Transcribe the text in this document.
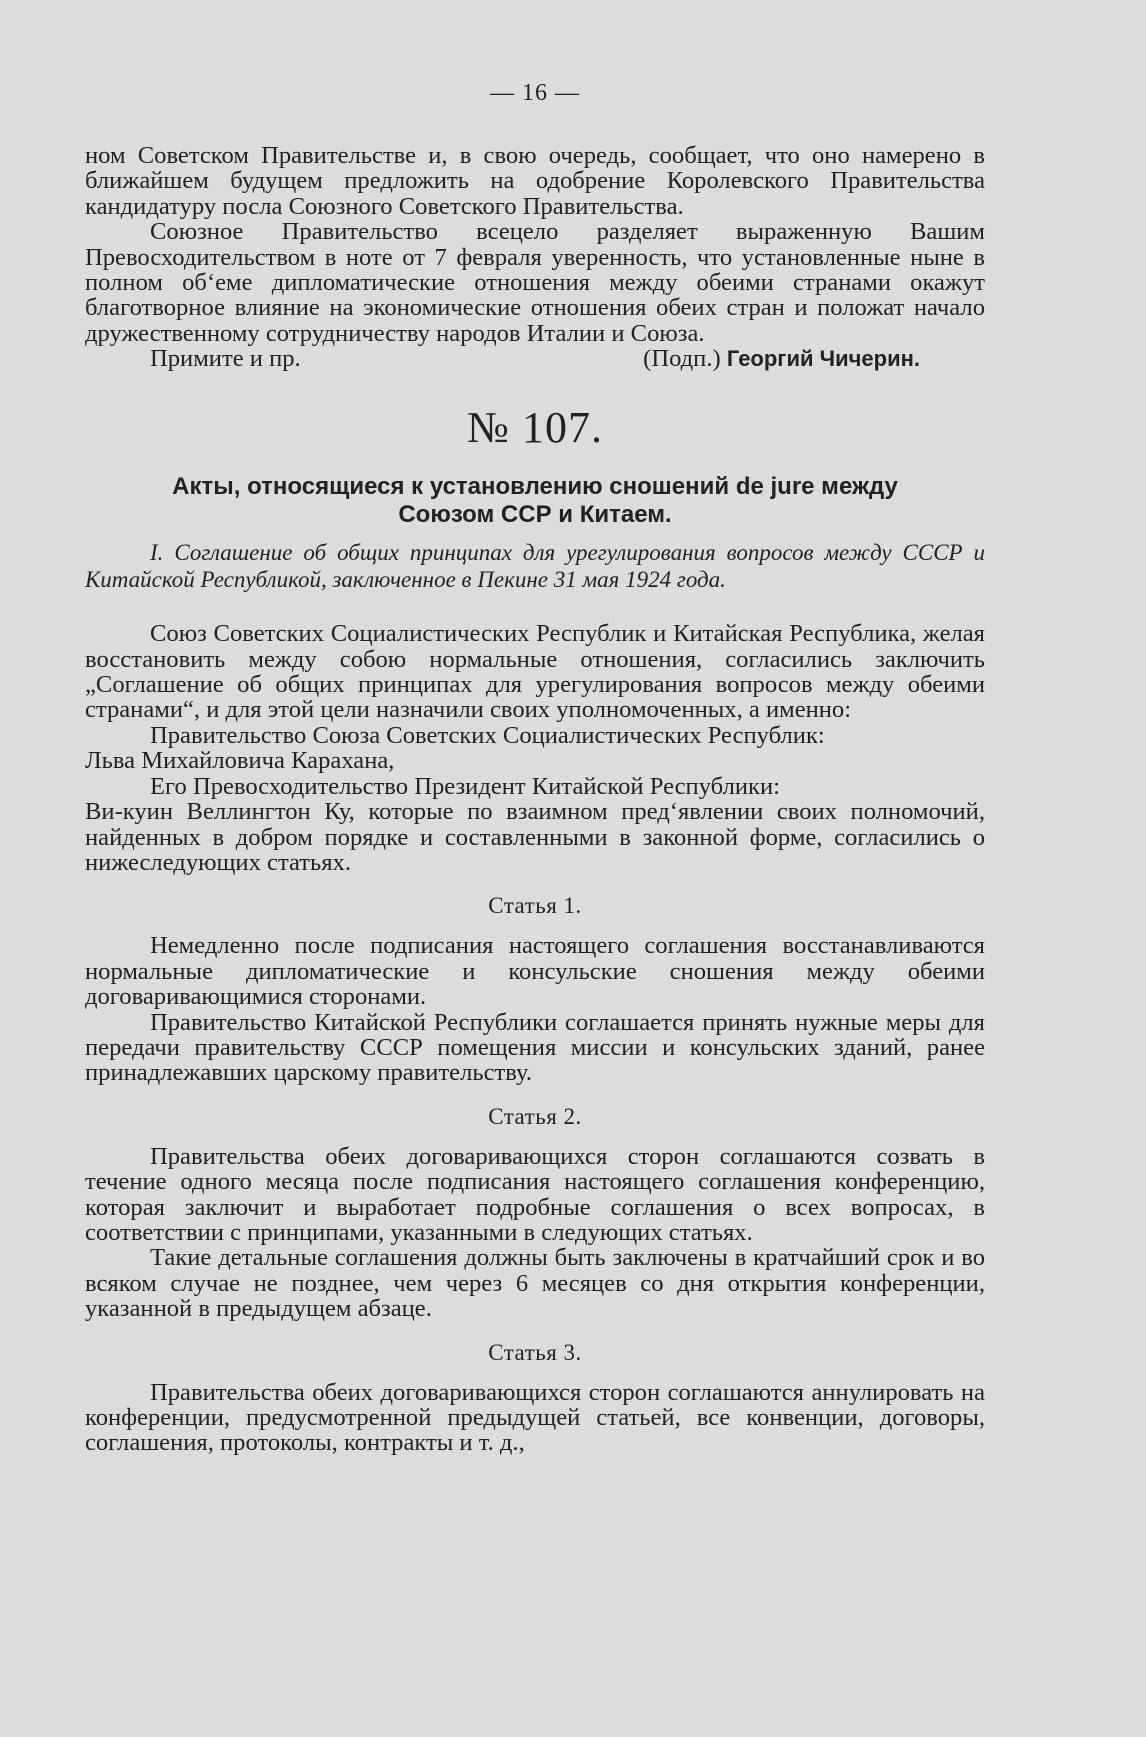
— 16 —

ном Советском Правительстве и, в свою очередь, сообщает, что оно намерено в ближайшем будущем предложить на одобрение Королевского Правительства кандидатуру посла Союзного Советского Правительства.

Союзное Правительство всецело разделяет выраженную Вашим Превосходительством в ноте от 7 февраля уверенность, что установленные ныне в полном об‘еме дипломатические отношения между обеими странами окажут благотворное влияние на экономические отношения обеих стран и положат начало дружественному сотрудничеству народов Италии и Союза.

Примите и пр.	(Подп.) Георгий Чичерин.
№ 107.
Акты, относящиеся к установлению сношений de jure между
Союзом ССР и Китаем.
I. Соглашение об общих принципах для урегулирования вопросов между СССР и Китайской Республикой, заключенное в Пекине 31 мая 1924 года.

Союз Советских Социалистических Республик и Китайская Республика, желая восстановить между собою нормальные отношения, согласились заключить „Соглашение об общих принципах для урегулирования вопросов между обеими странами“, и для этой цели назначили своих уполномоченных, а именно:

Правительство Союза Советских Социалистических Республик:

Льва Михайловича Карахана,

Его Превосходительство Президент Китайской Республики:

Ви-куин Веллингтон Ку, которые по взаимном пред‘явлении своих полномочий, найденных в добром порядке и составленными в законной форме, согласились о нижеследующих статьях.

Статья 1.

Немедленно после подписания настоящего соглашения восстанавливаются нормальные дипломатические и консульские сношения между обеими договаривающимися сторонами.

Правительство Китайской Республики соглашается принять нужные меры для передачи правительству СССР помещения миссии и консульских зданий, ранее принадлежавших царскому правительству.

Статья 2.

Правительства обеих договаривающихся сторон соглашаются созвать в течение одного месяца после подписания настоящего соглашения конференцию, которая заключит и выработает подробные соглашения о всех вопросах, в соответствии с принципами, указанными в следующих статьях.

Такие детальные соглашения должны быть заключены в кратчайший срок и во всяком случае не позднее, чем через 6 месяцев со дня открытия конференции, указанной в предыдущем абзаце.

Статья 3.

Правительства обеих договаривающихся сторон соглашаются аннулировать на конференции, предусмотренной предыдущей статьей, все конвенции, договоры, соглашения, протоколы, контракты и т. д.,
